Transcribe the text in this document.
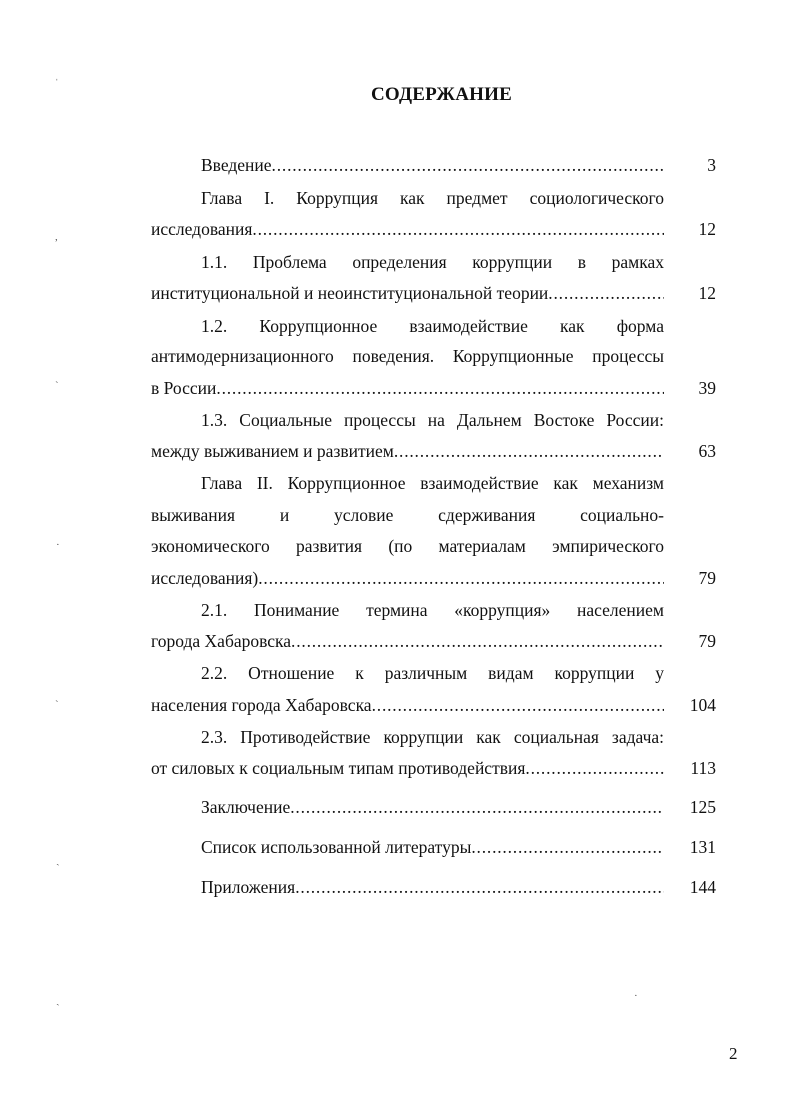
СОДЕРЖАНИЕ
Введение .....	3
Глава I. Коррупция как предмет социологического
исследования .....	12
1.1. Проблема определения коррупции в рамках
институциональной и неоинституциональной теории .....	12
1.2. Коррупционное взаимодействие как форма
антимодернизационного поведения. Коррупционные процессы
в России .....	39
1.3. Социальные процессы на Дальнем Востоке России:
между выживанием и развитием .....	63
Глава II. Коррупционное взаимодействие как механизм
выживания и условие сдерживания социально-
экономического развития (по материалам эмпирического
исследования) .....	79
2.1. Понимание термина «коррупция» населением
города Хабаровска .....	79
2.2. Отношение к различным видам коррупции у
населения города Хабаровска .....	104
2.3. Противодействие коррупции как социальная задача:
от силовых к социальным типам противодействия .....	113
Заключение .....	125
Список использованной литературы .....	131
Приложения .....	144
ˈ
,
ˋ
·
ˋ
ˏ
ˏ	·
2
